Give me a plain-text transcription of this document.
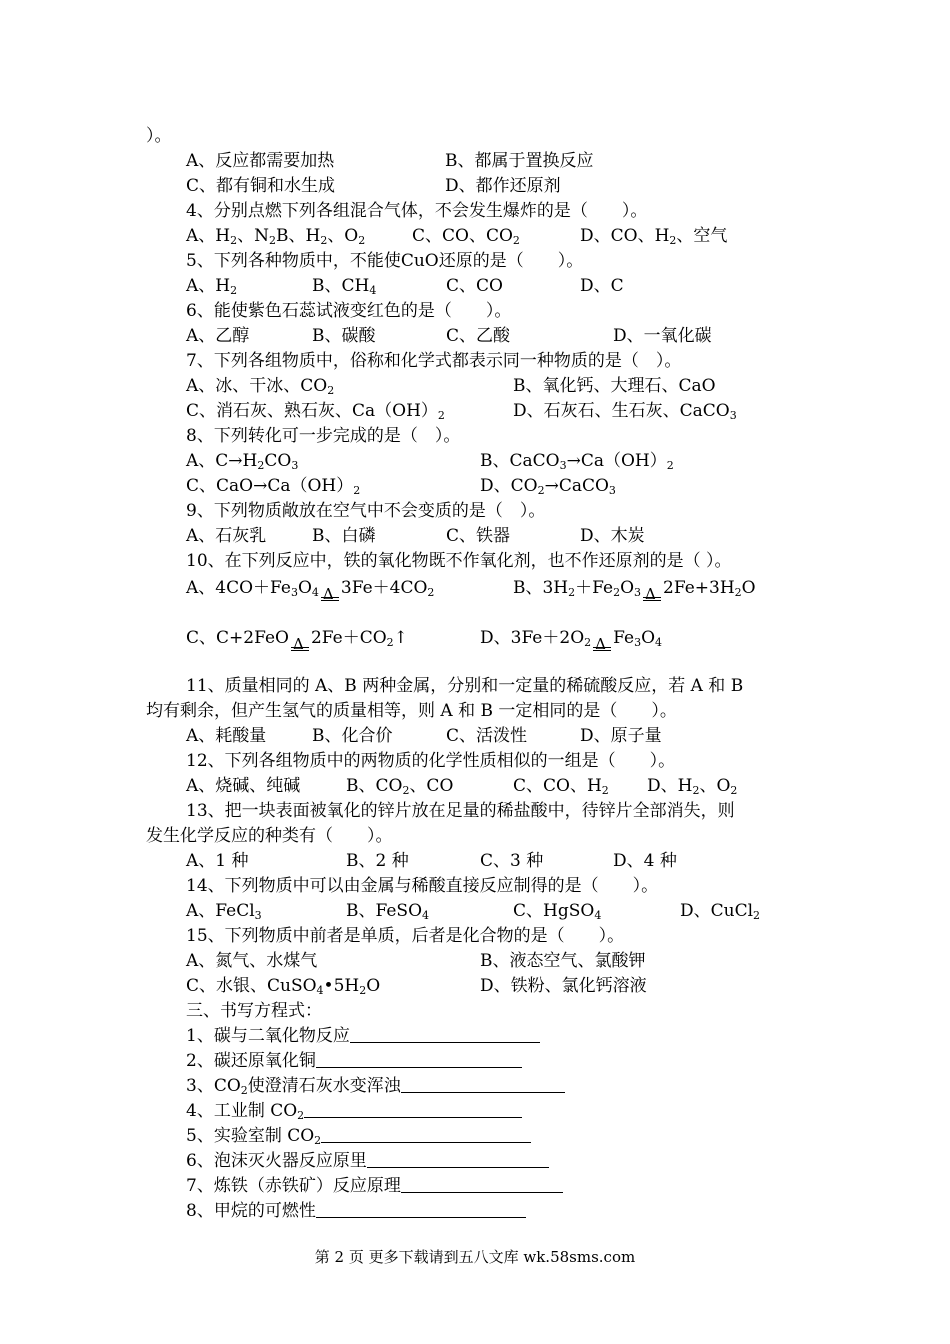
）。
A、反应都需要加热	B、都属于置换反应
C、都有铜和水生成	D、都作还原剂
4、分别点燃下列各组混合气体，不会发生爆炸的是（　　）。
A、$H_2$、$N_2B$、$H_2$、$O_2$	C、CO、$CO_2$	D、CO、$H_2$、空气
5、下列各种物质中，不能使CuO还原的是（　　）。
A、$H_2$	B、$CH_4$	C、CO	D、C
6、能使紫色石蕊试液变红色的是（　　）。
A、乙醇	B、碳酸	C、乙酸	D、一氧化碳
7、下列各组物质中，俗称和化学式都表示同一种物质的是（　）。
A、冰、干冰、$CO_2$	B、氧化钙、大理石、CaO
C、消石灰、熟石灰、$Ca(OH)_2$	D、石灰石、生石灰、CaCO$_3$
8、下列转化可一步完成的是（　）。
A、$C\to H_2CO_3$	B、$CaCO_3\to Ca(OH)_2$
C、$CaO\to Ca(OH)_2$	D、$CO_2\to CaCO_3$
9、下列物质敞放在空气中不会变质的是（　）。
A、石灰乳	B、白磷	C、铁器	D、木炭
10、在下列反应中，铁的氧化物既不作氧化剂，也不作还原剂的是（ ）。
A、$4CO+Fe_3O_4$ Δ $3Fe+4CO_2$	B、$3H_2+Fe_2O_3$ Δ $2Fe+3H_2O$
C、C+2FeO Δ $2Fe+CO_2↑$	D、$3Fe+2O_2$ Δ $Fe_3O_4$
11、质量相同的 A、B 两种金属，分别和一定量的稀硫酸反应，若 A 和 B
均有剩余，但产生氢气的质量相等，则 A 和 B 一定相同的是（　　）。
A、耗酸量	B、化合价	C、活泼性	D、原子量
12、下列各组物质中的两物质的化学性质相似的一组是（　　）。
A、烧碱、纯碱	B、$CO_2$、CO	C、CO、$H_2$ D、$H_2$、$O_2$
13、把一块表面被氧化的锌片放在足量的稀盐酸中，待锌片全部消失，则
发生化学反应的种类有（　　）。
A、1 种	B、2 种	C、3 种	D、4 种
14、下列物质中可以由金属与稀酸直接反应制得的是（　　）。
A、FeCl$_3$	B、FeSO$_4$	C、HgSO$_4$	D、CuCl$_2$
15、下列物质中前者是单质，后者是化合物的是（　　）。
A、氮气、水煤气	B、液态空气、氯酸钾
C、水银、$CuSO_4•5H_2O$	D、铁粉、氯化钙溶液
三、书写方程式：
1、碳与二氧化物反应
2、碳还原氧化铜
3、$CO_2$使澄清石灰水变浑浊
4、工业制 $CO_2$
5、实验室制 $CO_2$
6、泡沫灭火器反应原里
7、炼铁（赤铁矿）反应原理
8、甲烷的可燃性
第 2 页 更多下载请到五八文库 wk.58sms.com
